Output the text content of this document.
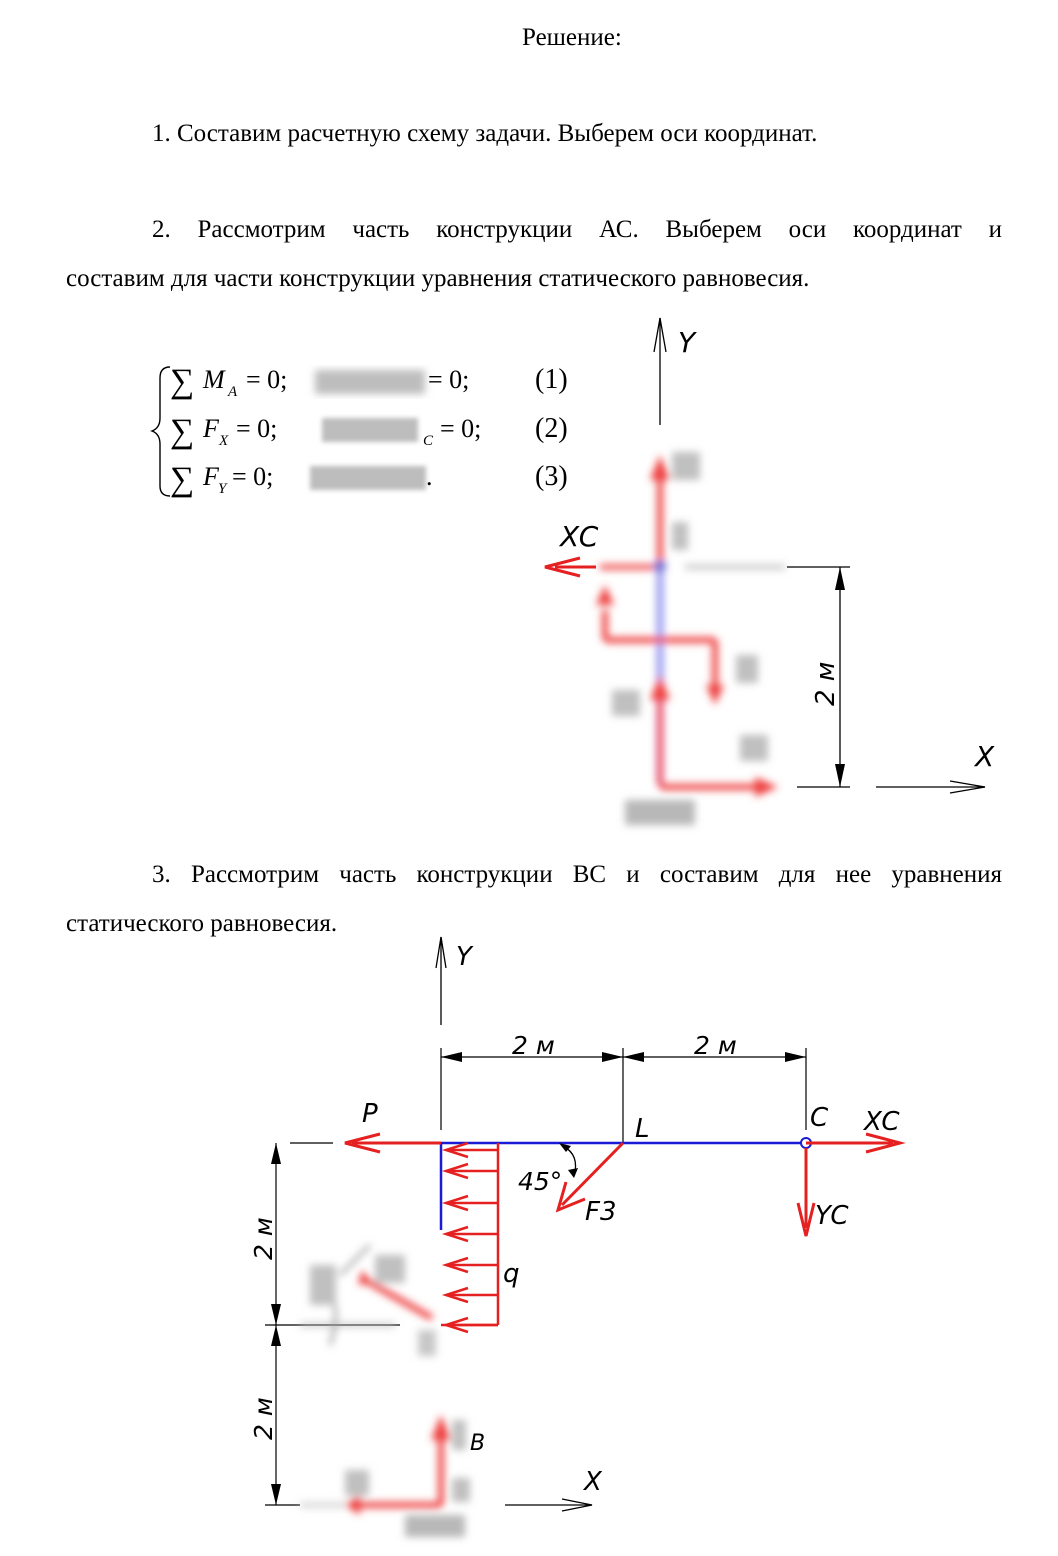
Решение:
1. Составим расчетную схему задачи. Выберем оси координат.
2. Рассмотрим часть конструкции АС. Выберем оси координат и
составим для части конструкции уравнения статического равновесия.
3. Рассмотрим часть конструкции ВС и составим для нее уравнения
статического равновесия.
∑ M A = 0;	= 0; (1)
∑ F X = 0;	C = 0; (2)
∑ F Y = 0;	.	(3)
Y
XC
2 м
X
Y
2 м	2 м
L	C
P
q
F3
45°
XC
YC
2 м
2 м
B
X
